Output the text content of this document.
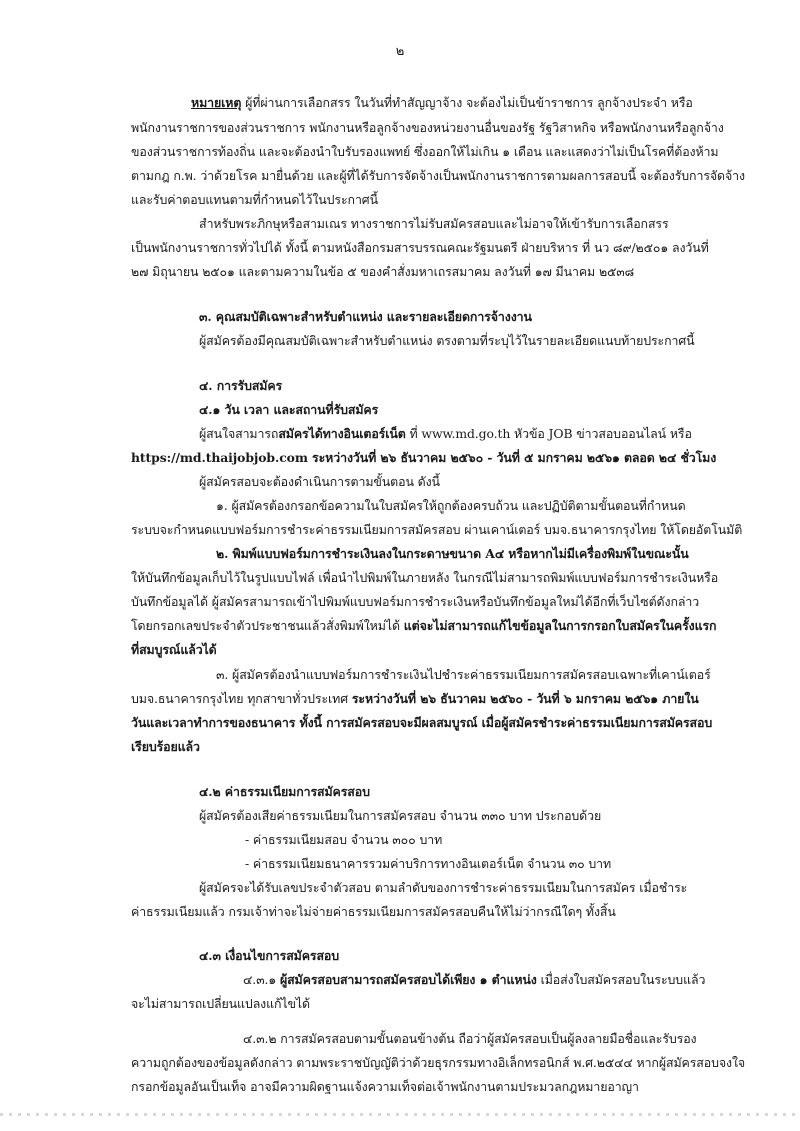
๒
หมายเหตุ ผู้ที่ผ่านการเลือกสรร ในวันที่ทำสัญญาจ้าง จะต้องไม่เป็นข้าราชการ ลูกจ้างประจำ หรือ
พนักงานราชการของส่วนราชการ พนักงานหรือลูกจ้างของหน่วยงานอื่นของรัฐ รัฐวิสาหกิจ หรือพนักงานหรือลูกจ้าง
ของส่วนราชการท้องถิ่น และจะต้องนำใบรับรองแพทย์ ซึ่งออกให้ไม่เกิน ๑ เดือน และแสดงว่าไม่เป็นโรคที่ต้องห้าม
ตามกฎ ก.พ. ว่าด้วยโรค มายื่นด้วย และผู้ที่ได้รับการจัดจ้างเป็นพนักงานราชการตามผลการสอบนี้ จะต้องรับการจัดจ้าง
และรับค่าตอบแทนตามที่กำหนดไว้ในประกาศนี้
สำหรับพระภิกษุหรือสามเณร ทางราชการไม่รับสมัครสอบและไม่อาจให้เข้ารับการเลือกสรร
เป็นพนักงานราชการทั่วไปได้ ทั้งนี้ ตามหนังสือกรมสารบรรณคณะรัฐมนตรี ฝ่ายบริหาร ที่ นว ๘๙/๒๕๐๑ ลงวันที่
๒๗ มิถุนายน ๒๕๐๑ และตามความในข้อ ๕ ของคำสั่งมหาเถรสมาคม ลงวันที่ ๑๗ มีนาคม ๒๕๓๘
๓. คุณสมบัติเฉพาะสำหรับตำแหน่ง และรายละเอียดการจ้างงาน
ผู้สมัครต้องมีคุณสมบัติเฉพาะสำหรับตำแหน่ง ตรงตามที่ระบุไว้ในรายละเอียดแนบท้ายประกาศนี้
๔. การรับสมัคร
๔.๑ วัน เวลา และสถานที่รับสมัคร
ผู้สนใจสามารถสมัครได้ทางอินเตอร์เน็ต ที่ www.md.go.th หัวข้อ JOB ข่าวสอบออนไลน์ หรือ
https://md.thaijobjob.com ระหว่างวันที่ ๒๖ ธันวาคม ๒๕๖๐ - วันที่ ๕ มกราคม ๒๕๖๑ ตลอด ๒๔ ชั่วโมง
ผู้สมัครสอบจะต้องดำเนินการตามขั้นตอน ดังนี้
๑. ผู้สมัครต้องกรอกข้อความในใบสมัครให้ถูกต้องครบถ้วน และปฏิบัติตามขั้นตอนที่กำหนด
ระบบจะกำหนดแบบฟอร์มการชำระค่าธรรมเนียมการสมัครสอบ ผ่านเคาน์เตอร์ บมจ.ธนาคารกรุงไทย ให้โดยอัตโนมัติ
๒. พิมพ์แบบฟอร์มการชำระเงินลงในกระดาษขนาด A๔ หรือหากไม่มีเครื่องพิมพ์ในขณะนั้น
ให้บันทึกข้อมูลเก็บไว้ในรูปแบบไฟล์ เพื่อนำไปพิมพ์ในภายหลัง ในกรณีไม่สามารถพิมพ์แบบฟอร์มการชำระเงินหรือ
บันทึกข้อมูลได้ ผู้สมัครสามารถเข้าไปพิมพ์แบบฟอร์มการชำระเงินหรือบันทึกข้อมูลใหม่ได้อีกที่เว็บไซต์ดังกล่าว
โดยกรอกเลขประจำตัวประชาชนแล้วสั่งพิมพ์ใหม่ได้ แต่จะไม่สามารถแก้ไขข้อมูลในการกรอกใบสมัครในครั้งแรก
ที่สมบูรณ์แล้วได้
๓. ผู้สมัครต้องนำแบบฟอร์มการชำระเงินไปชำระค่าธรรมเนียมการสมัครสอบเฉพาะที่เคาน์เตอร์
บมจ.ธนาคารกรุงไทย ทุกสาขาทั่วประเทศ ระหว่างวันที่ ๒๖ ธันวาคม ๒๕๖๐ - วันที่ ๖ มกราคม ๒๕๖๑ ภายใน
วันและเวลาทำการของธนาคาร ทั้งนี้ การสมัครสอบจะมีผลสมบูรณ์ เมื่อผู้สมัครชำระค่าธรรมเนียมการสมัครสอบ
เรียบร้อยแล้ว
๔.๒ ค่าธรรมเนียมการสมัครสอบ
ผู้สมัครต้องเสียค่าธรรมเนียมในการสมัครสอบ จำนวน ๓๓๐ บาท ประกอบด้วย
- ค่าธรรมเนียมสอบ จำนวน ๓๐๐ บาท
- ค่าธรรมเนียมธนาคารรวมค่าบริการทางอินเตอร์เน็ต จำนวน ๓๐ บาท
ผู้สมัครจะได้รับเลขประจำตัวสอบ ตามลำดับของการชำระค่าธรรมเนียมในการสมัคร เมื่อชำระ
ค่าธรรมเนียมแล้ว กรมเจ้าท่าจะไม่จ่ายค่าธรรมเนียมการสมัครสอบคืนให้ไม่ว่ากรณีใดๆ ทั้งสิ้น
๔.๓ เงื่อนไขการสมัครสอบ
๔.๓.๑ ผู้สมัครสอบสามารถสมัครสอบได้เพียง ๑ ตำแหน่ง เมื่อส่งใบสมัครสอบในระบบแล้ว
จะไม่สามารถเปลี่ยนแปลงแก้ไขได้
๔.๓.๒ การสมัครสอบตามขั้นตอนข้างต้น ถือว่าผู้สมัครสอบเป็นผู้ลงลายมือชื่อและรับรอง
ความถูกต้องของข้อมูลดังกล่าว ตามพระราชบัญญัติว่าด้วยธุรกรรมทางอิเล็กทรอนิกส์ พ.ศ.๒๕๔๔ หากผู้สมัครสอบจงใจ
กรอกข้อมูลอันเป็นเท็จ อาจมีความผิดฐานแจ้งความเท็จต่อเจ้าพนักงานตามประมวลกฎหมายอาญา
